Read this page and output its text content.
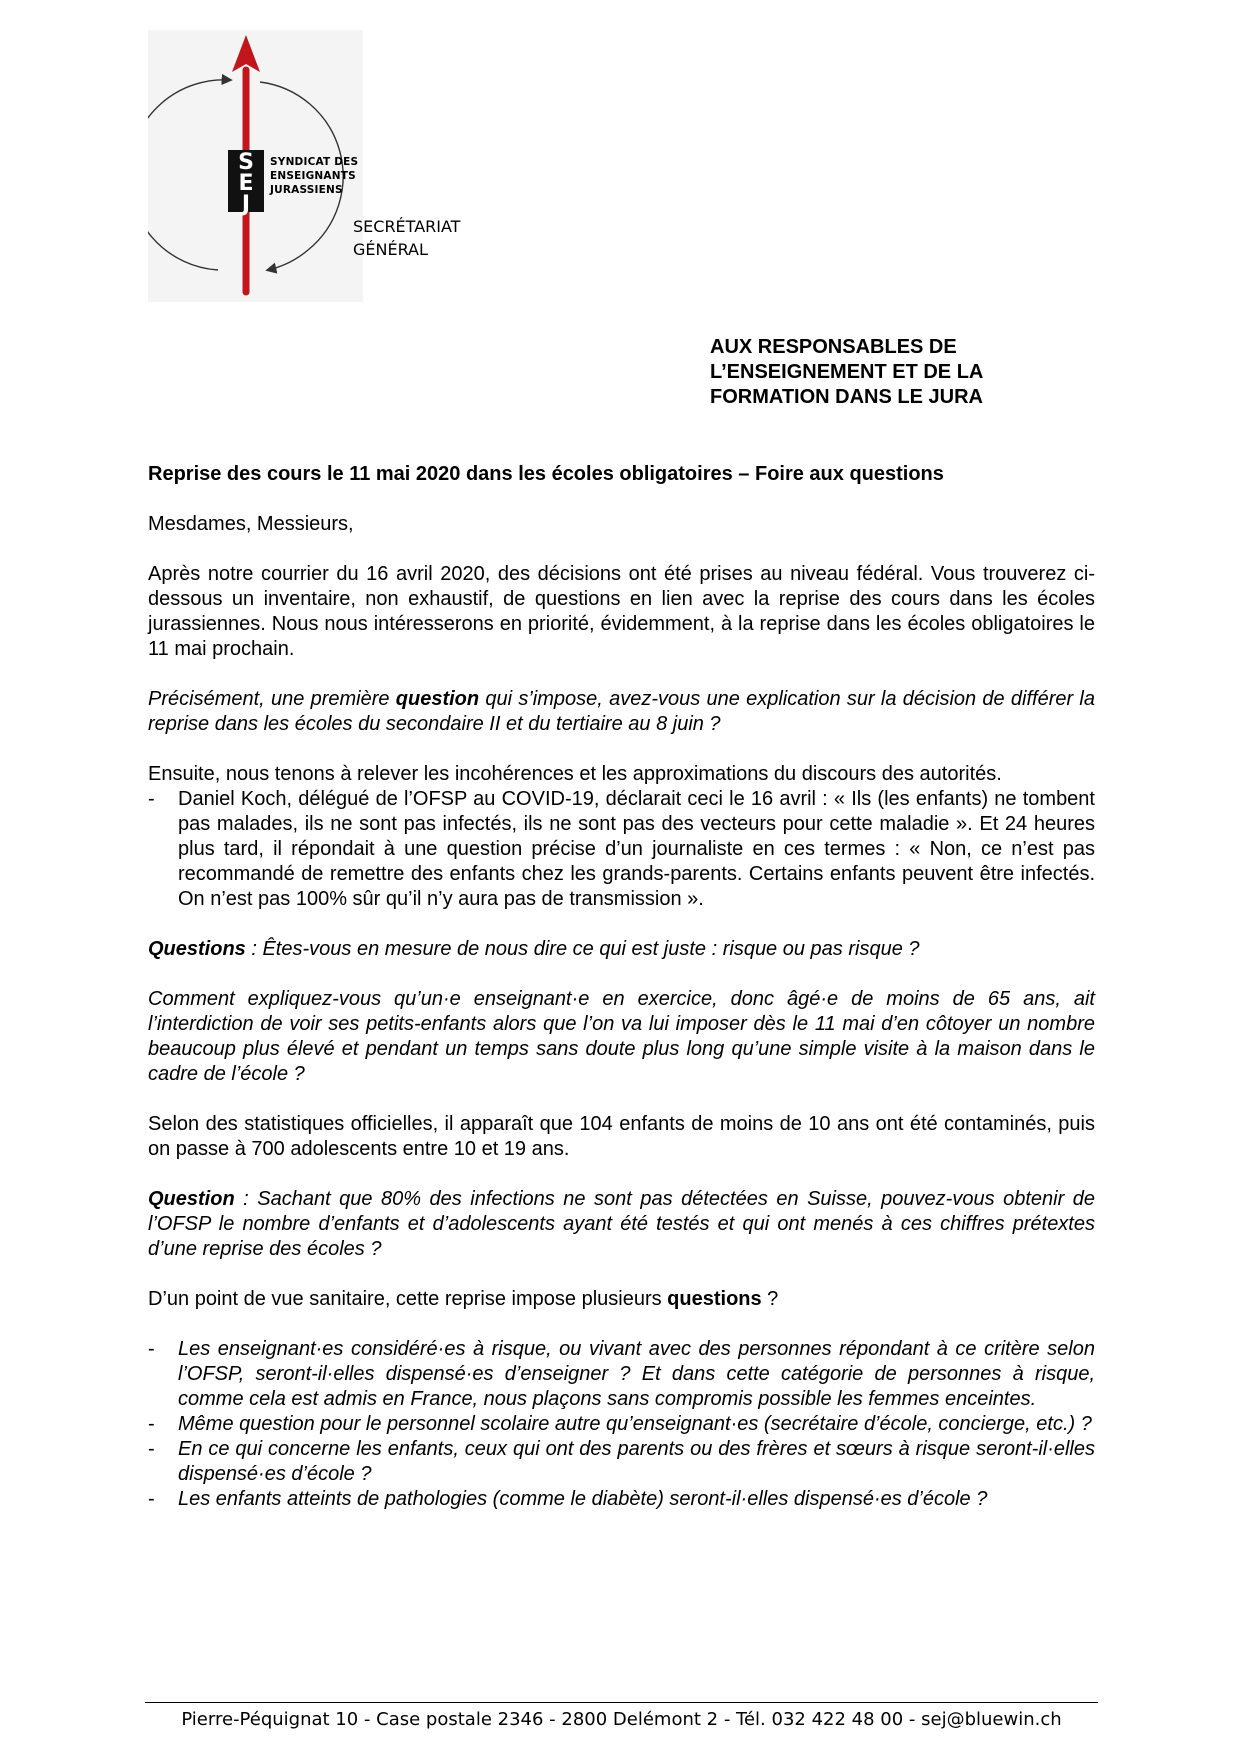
SEJ	SYNDICAT DES
ENSEIGNANTS
JURASSIENS
SECRÉTARIAT
GÉNÉRAL
AUX RESPONSABLES DE
L’ENSEIGNEMENT ET DE LA
FORMATION DANS LE JURA

Reprise des cours le 11 mai 2020 dans les écoles obligatoires – Foire aux questions

Mesdames, Messieurs,

Après notre courrier du 16 avril 2020, des décisions ont été prises au niveau fédéral. Vous trouverez ci-dessous un inventaire, non exhaustif, de questions en lien avec la reprise des cours dans les écoles jurassiennes. Nous nous intéresserons en priorité, évidemment, à la reprise dans les écoles obligatoires le 11 mai prochain.

Précisément, une première question qui s’impose, avez-vous une explication sur la décision de différer la reprise dans les écoles du secondaire II et du tertiaire au 8 juin ?

Ensuite, nous tenons à relever les incohérences et les approximations du discours des autorités.

- Daniel Koch, délégué de l’OFSP au COVID-19, déclarait ceci le 16 avril : « Ils (les enfants) ne tombent pas malades, ils ne sont pas infectés, ils ne sont pas des vecteurs pour cette maladie ». Et 24 heures plus tard, il répondait à une question précise d’un journaliste en ces termes : « Non, ce n’est pas recommandé de remettre des enfants chez les grands-parents. Certains enfants peuvent être infectés. On n’est pas 100% sûr qu’il n’y aura pas de transmission ».

Questions : Êtes-vous en mesure de nous dire ce qui est juste : risque ou pas risque ?

Comment expliquez-vous qu’un·e enseignant·e en exercice, donc âgé·e de moins de 65 ans, ait l’interdiction de voir ses petits-enfants alors que l’on va lui imposer dès le 11 mai d’en côtoyer un nombre beaucoup plus élevé et pendant un temps sans doute plus long qu’une simple visite à la maison dans le cadre de l’école ?

Selon des statistiques officielles, il apparaît que 104 enfants de moins de 10 ans ont été contaminés, puis on passe à 700 adolescents entre 10 et 19 ans.

Question : Sachant que 80% des infections ne sont pas détectées en Suisse, pouvez-vous obtenir de l’OFSP le nombre d’enfants et d’adolescents ayant été testés et qui ont menés à ces chiffres prétextes d’une reprise des écoles ?

D’un point de vue sanitaire, cette reprise impose plusieurs questions ?

- Les enseignant·es considéré·es à risque, ou vivant avec des personnes répondant à ce critère selon l’OFSP, seront-il·elles dispensé·es d’enseigner ? Et dans cette catégorie de personnes à risque, comme cela est admis en France, nous plaçons sans compromis possible les femmes enceintes.
- Même question pour le personnel scolaire autre qu’enseignant·es (secrétaire d’école, concierge, etc.) ?
- En ce qui concerne les enfants, ceux qui ont des parents ou des frères et sœurs à risque seront-il·elles dispensé·es d’école ?
- Les enfants atteints de pathologies (comme le diabète) seront-il·elles dispensé·es d’école ?
Pierre-Péquignat 10 - Case postale 2346 - 2800 Delémont 2 - Tél. 032 422 48 00 - sej@bluewin.ch
